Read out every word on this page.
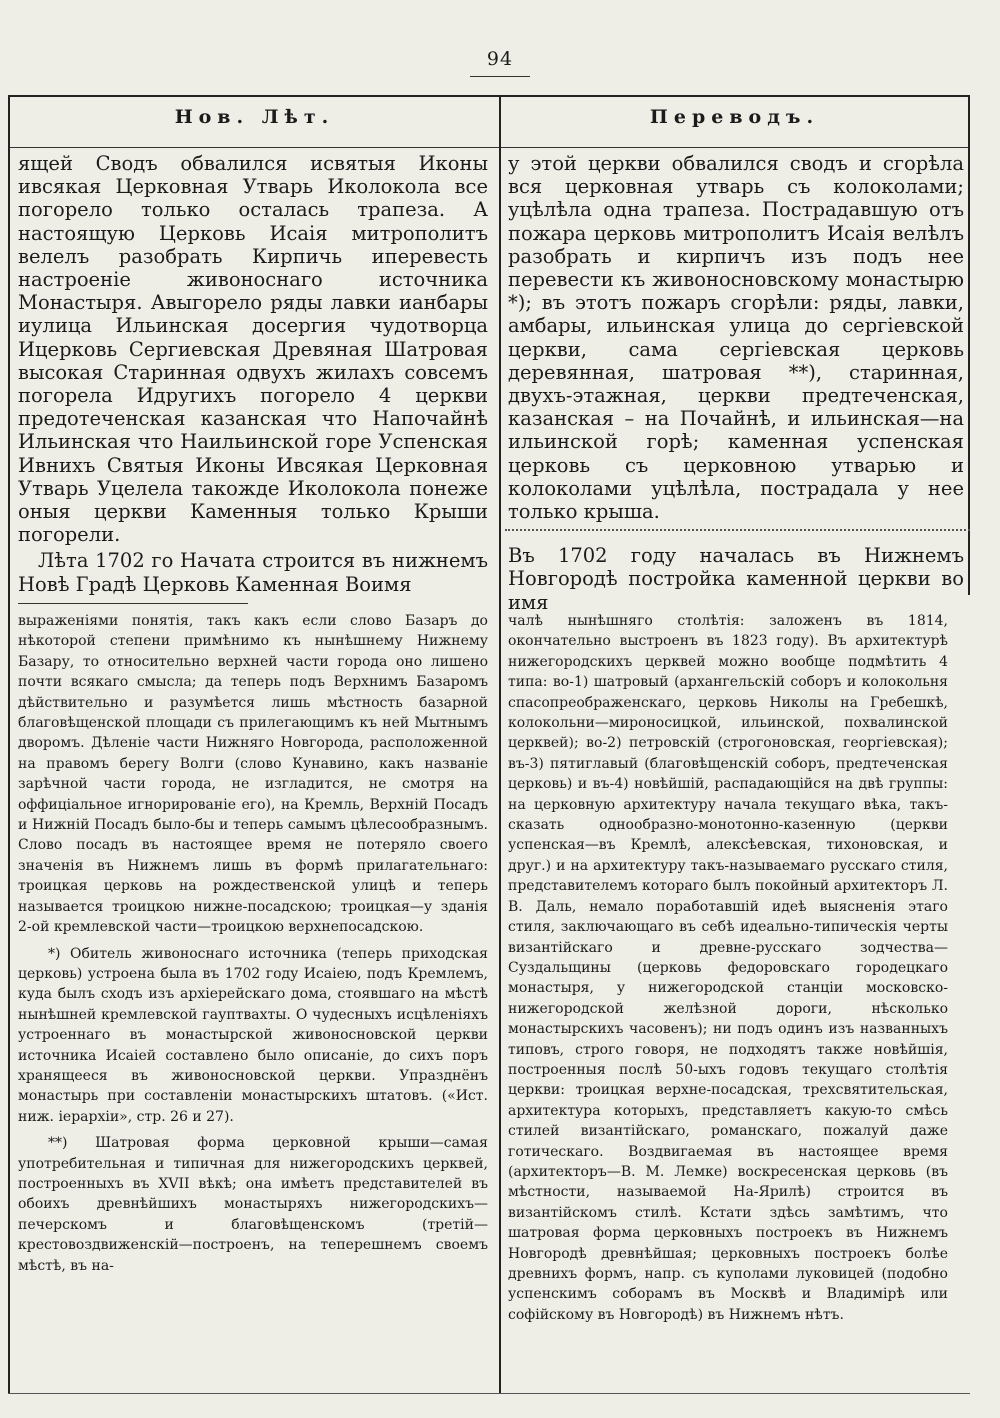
94
Нов. Лѣт.	Переводъ.

ящей Сводъ обвалился исвятыя Иконы ивсякая Церковная Утварь Иколокола все погорело только осталась трапеза. А настоящую Церковь Исаія митрополитъ велелъ разобрать Кирпичь иперевесть настроеніе живоноснаго источника Монастыря. Авыгорело ряды лавки ианбары иулица Ильинская досергия чудотворца Ицерковь Сергиевская Древяная Шатровая высокая Старинная одвухъ жилахъ совсемъ погорела Идругихъ погорело 4 церкви предотеченская казанская что Напочайнѣ Ильинская что Наильинской горе Успенская Ивнихъ Святыя Иконы Ивсякая Церковная Утварь Уцелела такожде Иколокола понеже оныя церкви Каменныя только Крыши погорели.

Лѣта 1702 го Начата строится въ нижнемъ Новѣ Градѣ Церковь Каменная Воимя

у этой церкви обвалился сводъ и сгорѣла вся церковная утварь съ колоколами; уцѣлѣла одна трапеза. Пострадавшую отъ пожара церковь митрополитъ Исаія велѣлъ разобрать и кирпичъ изъ подъ нее перевести къ живоносновскому монастырю *); въ этотъ пожаръ сгорѣли: ряды, лавки, амбары, ильинская улица до сергіевской церкви, сама сергіевская церковь деревянная, шатровая **), старинная, двухъ-этажная, церкви предтеченская, казанская – на Почайнѣ, и ильинская—на ильинской горѣ; каменная успенская церковь съ церковною утварью и колоколами уцѣлѣла, пострадала у нее только крыша.

Въ 1702 году началась въ Нижнемъ Новгородѣ постройка каменной церкви во имя

выраженіями понятія, такъ какъ если слово Базаръ до нѣкоторой степени примѣнимо къ нынѣшнему Нижнему Базару, то относительно верхней части города оно лишено почти всякаго смысла; да теперь подъ Верхнимъ Базаромъ дѣйствительно и разумѣется лишь мѣстность базарной благовѣщенской площади съ прилегающимъ къ ней Мытнымъ дворомъ. Дѣленіе части Нижняго Новгорода, расположенной на правомъ берегу Волги (слово Кунавино, какъ названіе зарѣчной части города, не изгладится, не смотря на оффиціальное игнорированіе его), на Кремль, Верхній Посадъ и Нижній Посадъ было-бы и теперь самымъ цѣлесообразнымъ. Слово посадъ въ настоящее время не потеряло своего значенія въ Нижнемъ лишь въ формѣ прилагательнаго: троицкая церковь на рождественской улицѣ и теперь называется троицкою нижне-посадскою; троицкая—у зданія 2-ой кремлевской части—троицкою верхнепосадскою.

*) Обитель живоноснаго источника (теперь приходская церковь) устроена была въ 1702 году Исаіею, подъ Кремлемъ, куда былъ сходъ изъ архіерейскаго дома, стоявшаго на мѣстѣ нынѣшней кремлевской гауптвахты. О чудесныхъ исцѣленіяхъ устроеннаго въ монастырской живоносновской церкви источника Исаіей составлено было описаніе, до сихъ поръ хранящееся въ живоносновской церкви. Упразднёнъ монастырь при составленіи монастырскихъ штатовъ. («Ист. ниж. іерархіи», стр. 26 и 27).

**) Шатровая форма церковной крыши—самая употребительная и типичная для нижегородскихъ церквей, построенныхъ въ XVII вѣкѣ; она имѣетъ представителей въ обоихъ древнѣйшихъ монастыряхъ нижегородскихъ—печерскомъ и благовѣщенскомъ (третій—крестовоздвиженскій—построенъ, на теперешнемъ своемъ мѣстѣ, въ на-

чалѣ нынѣшняго столѣтія: заложенъ въ 1814, окончательно выстроенъ въ 1823 году). Въ архитектурѣ нижегородскихъ церквей можно вообще подмѣтить 4 типа: во-1) шатровый (архангельскій соборъ и колокольня спасопреображенскаго, церковь Николы на Гребешкѣ, колокольни—мироносицкой, ильинской, похвалинской церквей); во-2) петровскій (строгоновская, георгіевская); въ-3) пятиглавый (благовѣщенскій соборъ, предтеченская церковь) и въ-4) новѣйшій, распадающійся на двѣ группы: на церковную архитектуру начала текущаго вѣка, такъ-сказать однообразно-монотонно-казенную (церкви успенская—въ Кремлѣ, алексѣевская, тихоновская, и друг.) и на архитектуру такъ-называемаго русскаго стиля, представителемъ котораго былъ покойный архитекторъ Л. В. Даль, немало поработавшій идеѣ выясненія этаго стиля, заключающаго въ себѣ идеально-типическія черты византійскаго и древне-русскаго зодчества—Суздальщины (церковь федоровскаго городецкаго монастыря, у нижегородской станціи московско-нижегородской желѣзной дороги, нѣсколько монастырскихъ часовенъ); ни подъ одинъ изъ названныхъ типовъ, строго говоря, не подходятъ также новѣйшія, построенныя послѣ 50-ыхъ годовъ текущаго столѣтія церкви: троицкая верхне-посадская, трехсвятительская, архитектура которыхъ, представляетъ какую-то смѣсь стилей византійскаго, романскаго, пожалуй даже готическаго. Воздвигаемая въ настоящее время (архитекторъ—В. М. Лемке) воскресенская церковь (въ мѣстности, называемой На-Ярилѣ) строится въ византійскомъ стилѣ. Кстати здѣсь замѣтимъ, что шатровая форма церковныхъ построекъ въ Нижнемъ Новгородѣ древнѣйшая; церковныхъ построекъ болѣе древнихъ формъ, напр. съ куполами луковицей (подобно успенскимъ соборамъ въ Москвѣ и Владимірѣ или софійскому въ Новгородѣ) въ Нижнемъ нѣтъ.
